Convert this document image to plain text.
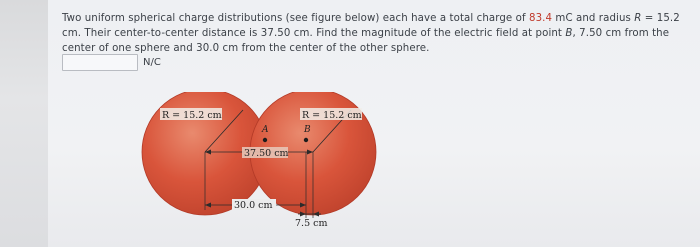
Two uniform spherical charge distributions (see figure below) each have a total charge of 83.4 mC and radius R = 15.2 cm. Their center-to-center distance is 37.50 cm. Find the magnitude of the electric field at point B, 7.50 cm from the center of one sphere and 30.0 cm from the center of the other sphere.
N/C
R = 15.2 cm	R = 15.2 cm
A	B
37.50 cm
30.0 cm
7.5 cm
